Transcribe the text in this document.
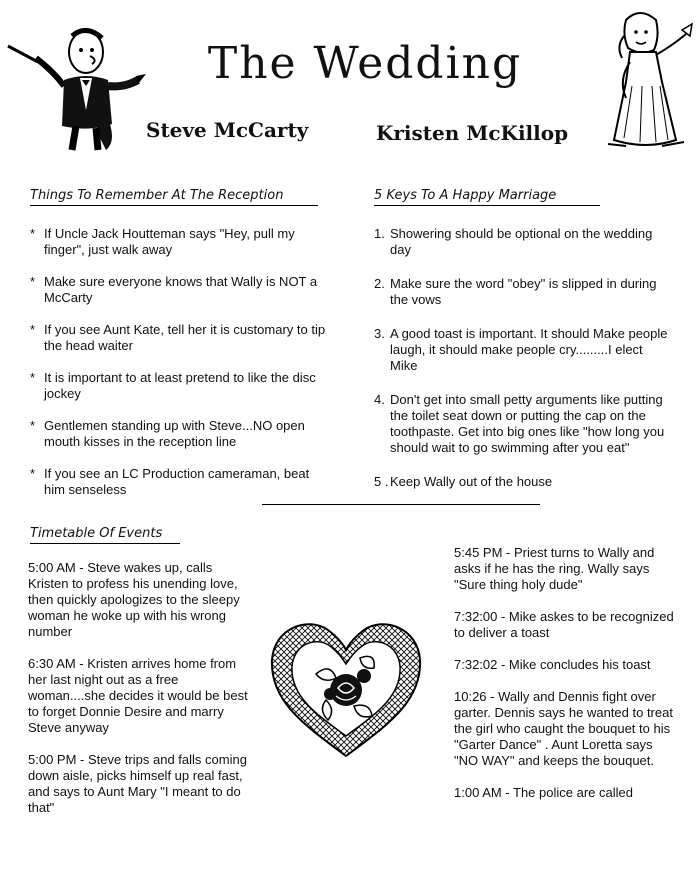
The Wedding
Steve McCarty	Kristen McKillop
Things To Remember At The Reception
* If Uncle Jack Houtteman says "Hey, pull my finger", just walk away
* Make sure everyone knows that Wally is NOT a McCarty
* If you see Aunt Kate, tell her it is customary to tip the head waiter
* It is important to at least pretend to like the disc jockey
* Gentlemen standing up with Steve...NO open mouth kisses in the reception line
* If you see an LC Production cameraman, beat him senseless
5 Keys To A Happy Marriage
1. Showering should be optional on the wedding day
2. Make sure the word "obey" is slipped in during the vows
3. A good toast is important. It should Make people laugh, it should make people cry.........I elect Mike
4. Don't get into small petty arguments like putting the toilet seat down or putting the cap on the toothpaste. Get into big ones like "how long you should wait to go swimming after you eat"
5 . Keep Wally out of the house
Timetable Of Events

5:00 AM - Steve wakes up, calls Kristen to profess his unending love, then quickly apologizes to the sleepy woman he woke up with his wrong number

6:30 AM - Kristen arrives home from her last night out as a free woman....she decides it would be best to forget Donnie Desire and marry Steve anyway

5:00 PM - Steve trips and falls coming down aisle, picks himself up real fast, and says to Aunt Mary "I meant to do that"

5:45 PM - Priest turns to Wally and asks if he has the ring. Wally says "Sure thing holy dude"

7:32:00 - Mike askes to be recognized to deliver a toast

7:32:02 - Mike concludes his toast

10:26 - Wally and Dennis fight over garter. Dennis says he wanted to treat the girl who caught the bouquet to his "Garter Dance" . Aunt Loretta says "NO WAY" and keeps the bouquet.

1:00 AM - The police are called
